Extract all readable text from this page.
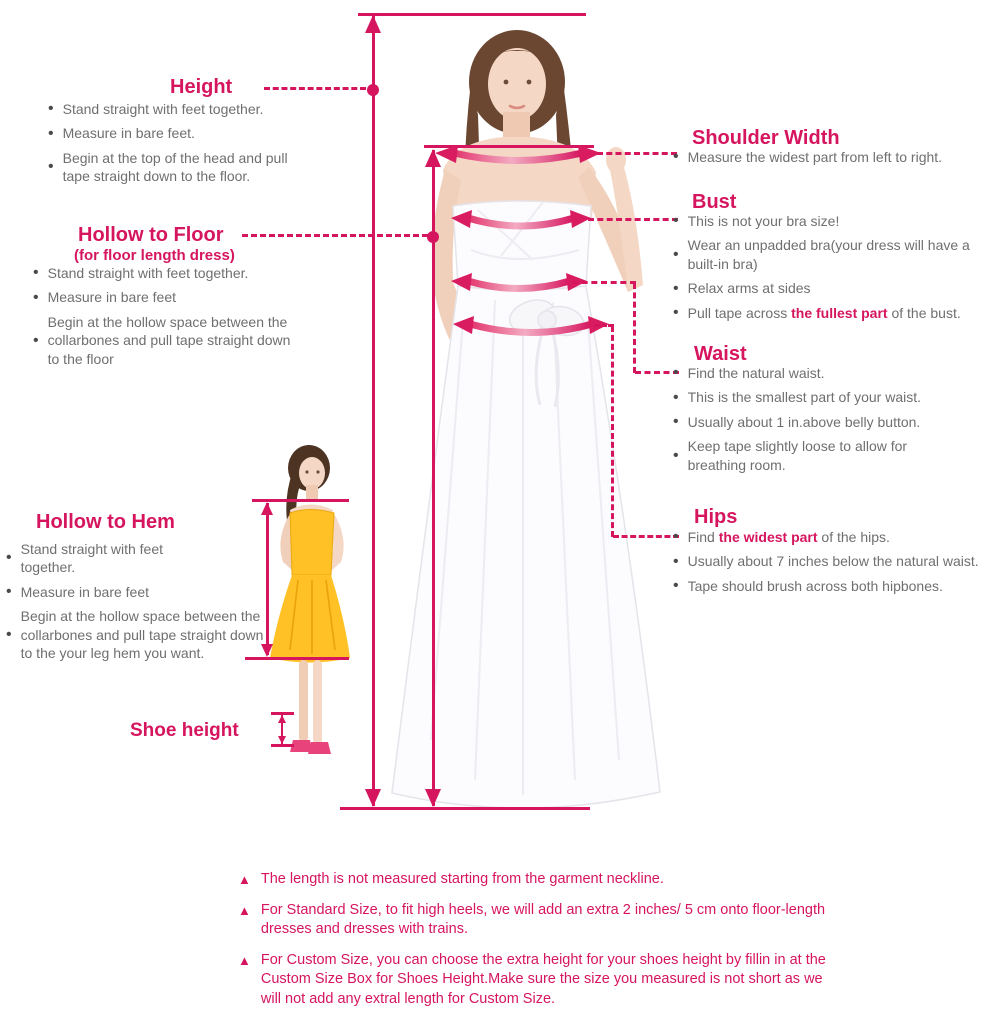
Height

• Stand straight with feet together.

• Measure in bare feet.

• Begin at the top of the head and pull tape straight down to the floor.

Hollow to Floor
(for floor length dress)

• Stand straight with feet together.

• Measure in bare feet

• Begin at the hollow space between the collarbones and pull tape straight down to the floor

Hollow to Hem

• Stand straight with feet together.

• Measure in bare feet

• Begin at the hollow space between the collarbones and pull tape straight down to the your leg hem you want.

Shoe height
Shoulder Width

• Measure the widest part from left to right.

Bust

• This is not your bra size!

• Wear an unpadded bra(your dress will have a built-in bra)

• Relax arms at sides

• Pull tape across the fullest part of the bust.

Waist

• Find the natural waist.

• This is the smallest part of your waist.

• Usually about 1 in.above belly button.

• Keep tape slightly loose to allow for breathing room.

Hips

• Find the widest part of the hips.

• Usually about 7 inches below the natural waist.

• Tape should brush across both hipbones.

▲ The length is not measured starting from the garment neckline.

▲ For Standard Size, to fit high heels, we will add an extra 2 inches/ 5 cm onto floor-length dresses and dresses with trains.

▲ For Custom Size, you can choose the extra height for your shoes height by fillin in at the Custom Size Box for Shoes Height.Make sure the size you measured is not short as we will not add any extral length for Custom Size.
